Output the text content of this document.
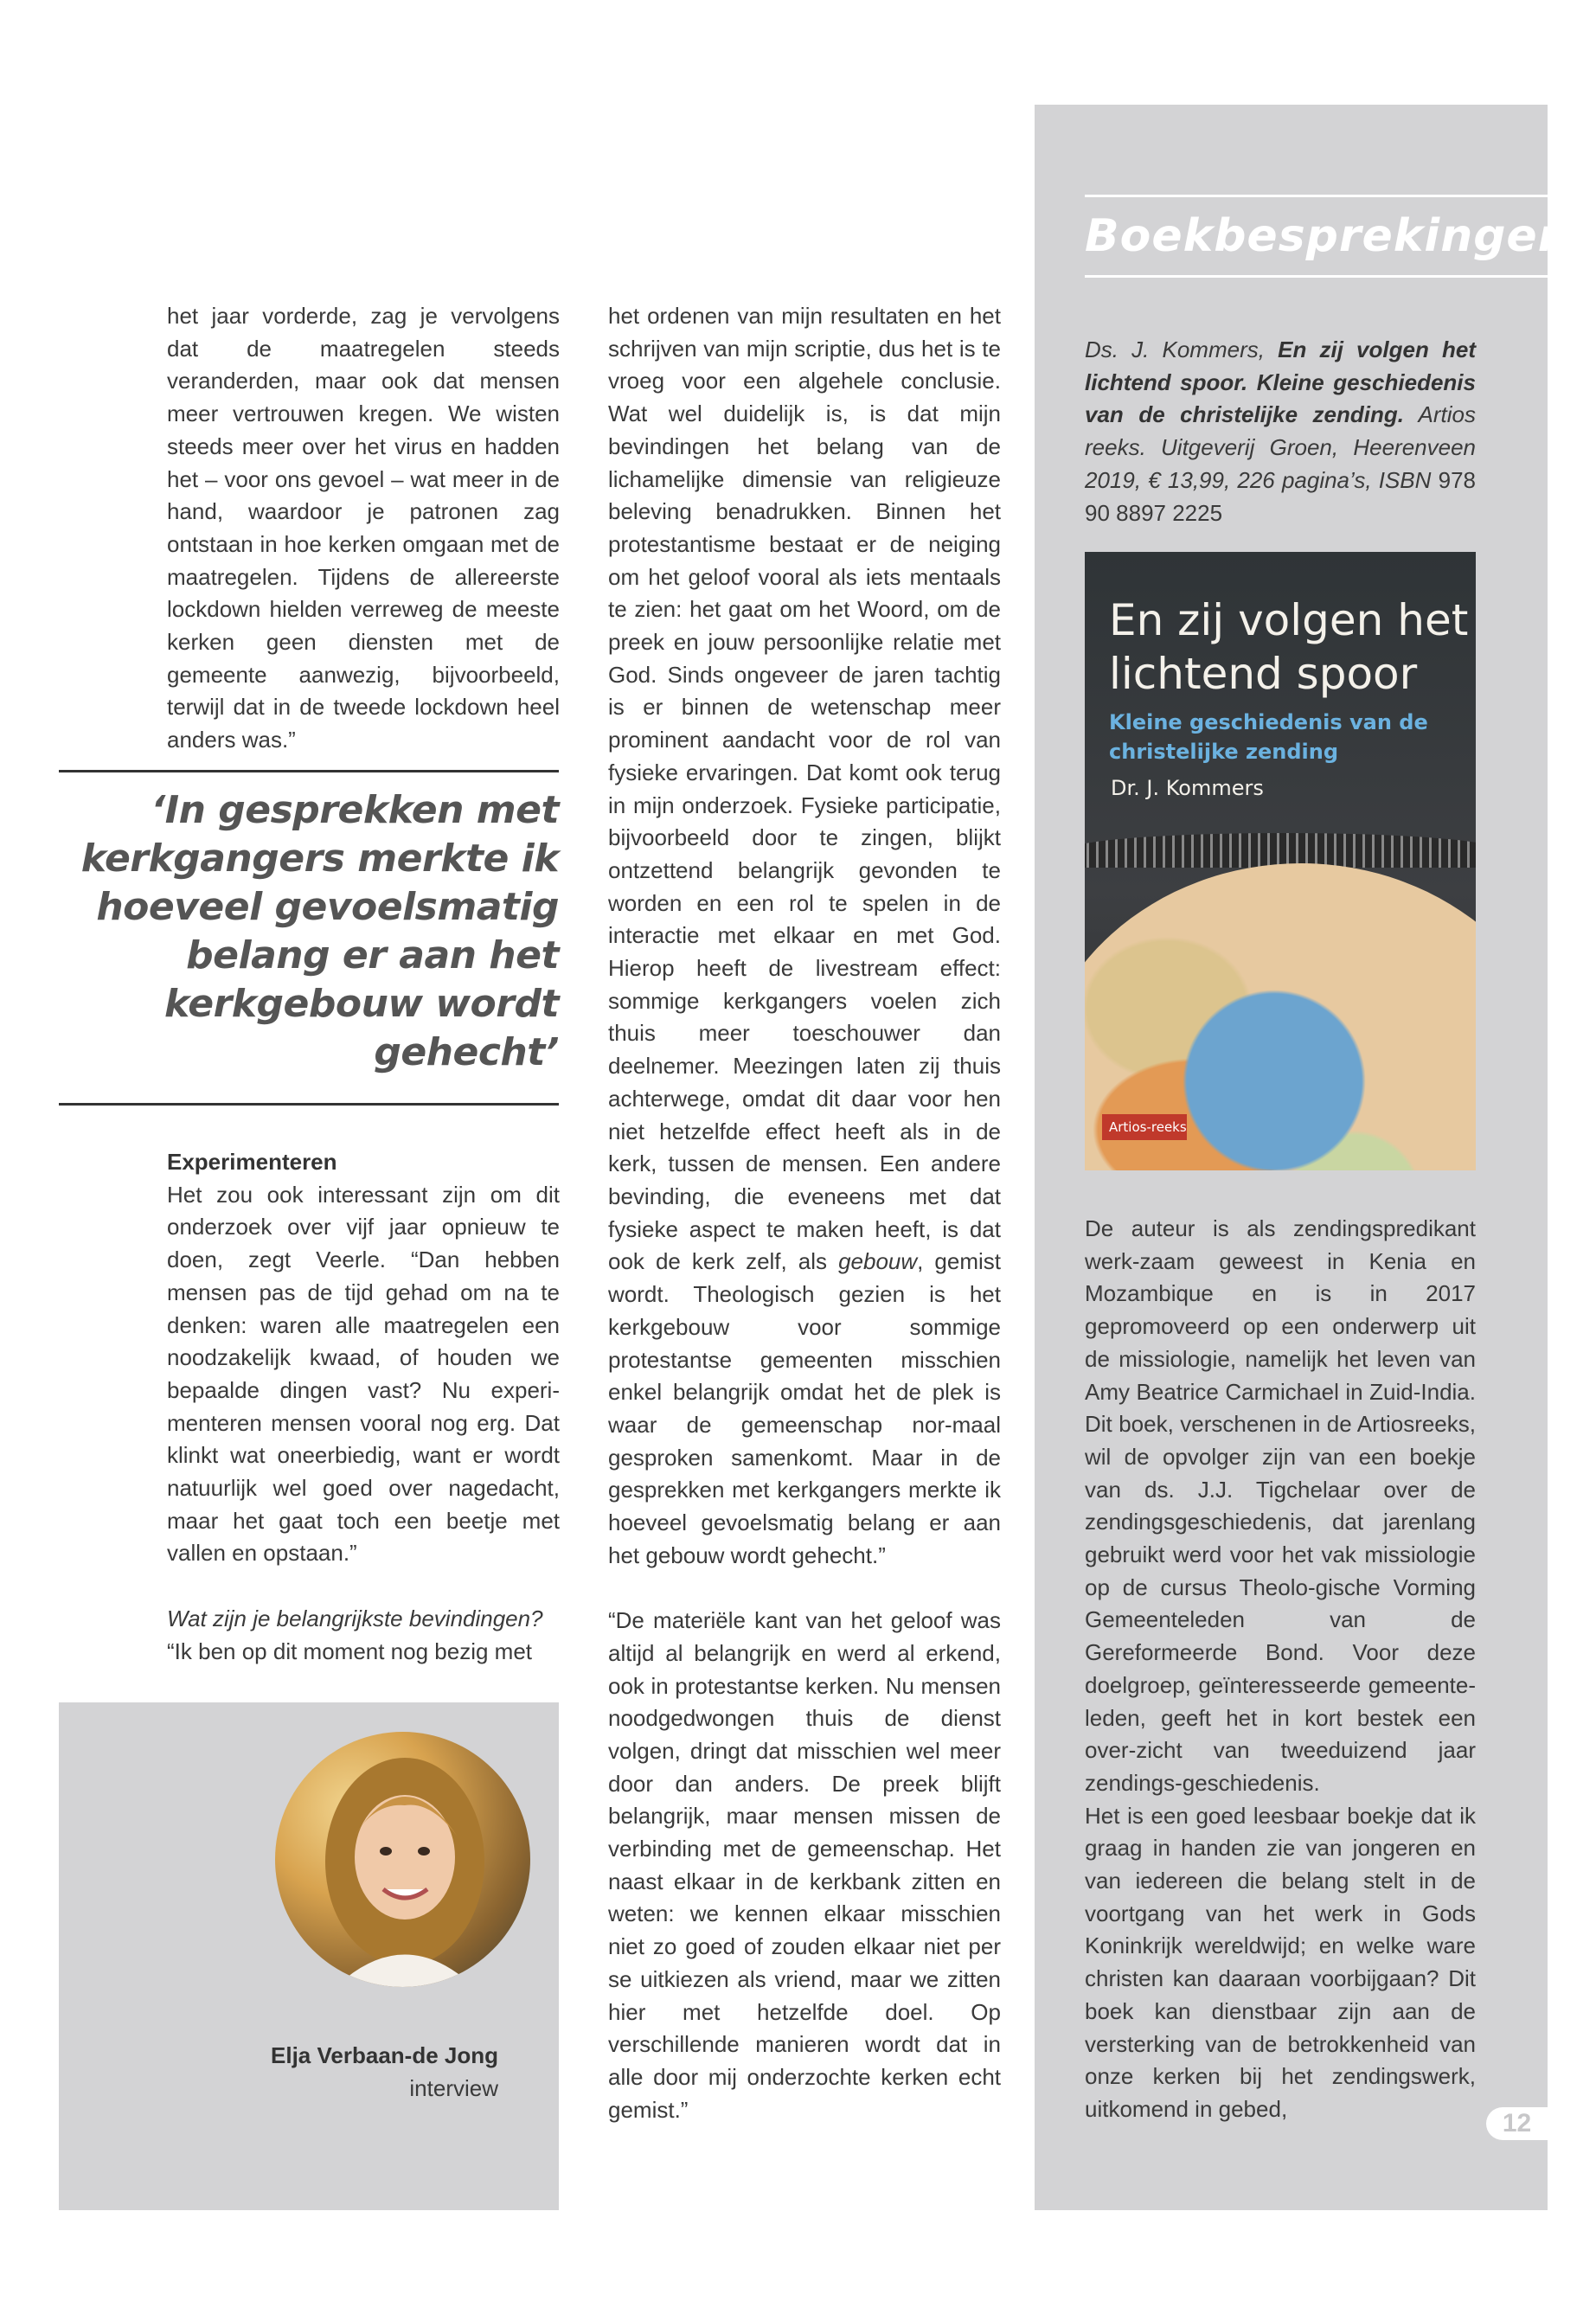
het jaar vorderde, zag je vervolgens dat de maatregelen steeds veranderden, maar ook dat mensen meer vertrouwen kregen. We wisten steeds meer over het virus en hadden het – voor ons gevoel – wat meer in de hand, waardoor je patronen zag ontstaan in hoe kerken omgaan met de maatregelen. Tijdens de allereerste lockdown hielden verreweg de meeste kerken geen diensten met de gemeente aanwezig, bijvoorbeeld, terwijl dat in de tweede lockdown heel anders was.”

‘In gesprekken met kerkgangers merkte ik hoeveel gevoelsmatig belang er aan het kerkgebouw wordt gehecht’

Experimenteren

Het zou ook interessant zijn om dit onderzoek over vijf jaar opnieuw te doen, zegt Veerle. “Dan hebben mensen pas de tijd gehad om na te denken: waren alle maatregelen een noodzakelijk kwaad, of houden we bepaalde dingen vast? Nu experi-menteren mensen vooral nog erg. Dat klinkt wat oneerbiedig, want er wordt natuurlijk wel goed over nagedacht, maar het gaat toch een beetje met vallen en opstaan.”

Wat zijn je belangrijkste bevindingen?

“Ik ben op dit moment nog bezig met

het ordenen van mijn resultaten en het schrijven van mijn scriptie, dus het is te vroeg voor een algehele conclusie. Wat wel duidelijk is, is dat mijn bevindingen het belang van de lichamelijke dimensie van religieuze beleving benadrukken. Binnen het protestantisme bestaat er de neiging om het geloof vooral als iets mentaals te zien: het gaat om het Woord, om de preek en jouw persoonlijke relatie met God. Sinds ongeveer de jaren tachtig is er binnen de wetenschap meer prominent aandacht voor de rol van fysieke ervaringen. Dat komt ook terug in mijn onderzoek. Fysieke participatie, bijvoorbeeld door te zingen, blijkt ontzettend belangrijk gevonden te worden en een rol te spelen in de interactie met elkaar en met God. Hierop heeft de livestream effect: sommige kerkgangers voelen zich thuis meer toeschouwer dan deelnemer. Meezingen laten zij thuis achterwege, omdat dit daar voor hen niet hetzelfde effect heeft als in de kerk, tussen de mensen. Een andere bevinding, die eveneens met dat fysieke aspect te maken heeft, is dat ook de kerk zelf, als gebouw, gemist wordt. Theologisch gezien is het kerkgebouw voor sommige protestantse gemeenten misschien enkel belangrijk omdat het de plek is waar de gemeenschap nor-maal gesproken samenkomt. Maar in de gesprekken met kerkgangers merkte ik hoeveel gevoelsmatig belang er aan het gebouw wordt gehecht.”

“De materiële kant van het geloof was altijd al belangrijk en werd al erkend, ook in protestantse kerken. Nu mensen noodgedwongen thuis de dienst volgen, dringt dat misschien wel meer door dan anders. De preek blijft belangrijk, maar mensen missen de verbinding met de gemeenschap. Het naast elkaar in de kerkbank zitten en weten: we kennen elkaar misschien niet zo goed of zouden elkaar niet per se uitkiezen als vriend, maar we zitten hier met hetzelfde doel. Op verschillende manieren wordt dat in alle door mij onderzochte kerken echt gemist.”

Elja Verbaan-de Jong
interview
Boekbesprekingen
Ds. J. Kommers, En zij volgen het lichtend spoor. Kleine geschiedenis van de christelijke zending. Artios reeks. Uitgeverij Groen, Heerenveen 2019, € 13,99, 226 pagina’s, ISBN 978 90 8897 2225
En zij volgen het lichtend spoor
Kleine geschiedenis van de christelijke zending
Dr. J. Kommers
Artios-reeks

De auteur is als zendingspredikant werk-zaam geweest in Kenia en Mozambique en is in 2017 gepromoveerd op een onderwerp uit de missiologie, namelijk het leven van Amy Beatrice Carmichael in Zuid-India. Dit boek, verschenen in de Artiosreeks, wil de opvolger zijn van een boekje van ds. J.J. Tigchelaar over de zendingsgeschiedenis, dat jarenlang gebruikt werd voor het vak missiologie op de cursus Theolo-gische Vorming Gemeenteleden van de Gereformeerde Bond. Voor deze doelgroep, geïnteresseerde gemeente-leden, geeft het in kort bestek een over-zicht van tweeduizend jaar zendings-geschiedenis.

Het is een goed leesbaar boekje dat ik graag in handen zie van jongeren en van iedereen die belang stelt in de voortgang van het werk in Gods Koninkrijk wereldwijd; en welke ware christen kan daaraan voorbijgaan? Dit boek kan dienstbaar zijn aan de versterking van de betrokkenheid van onze kerken bij het zendingswerk, uitkomend in gebed,

12
